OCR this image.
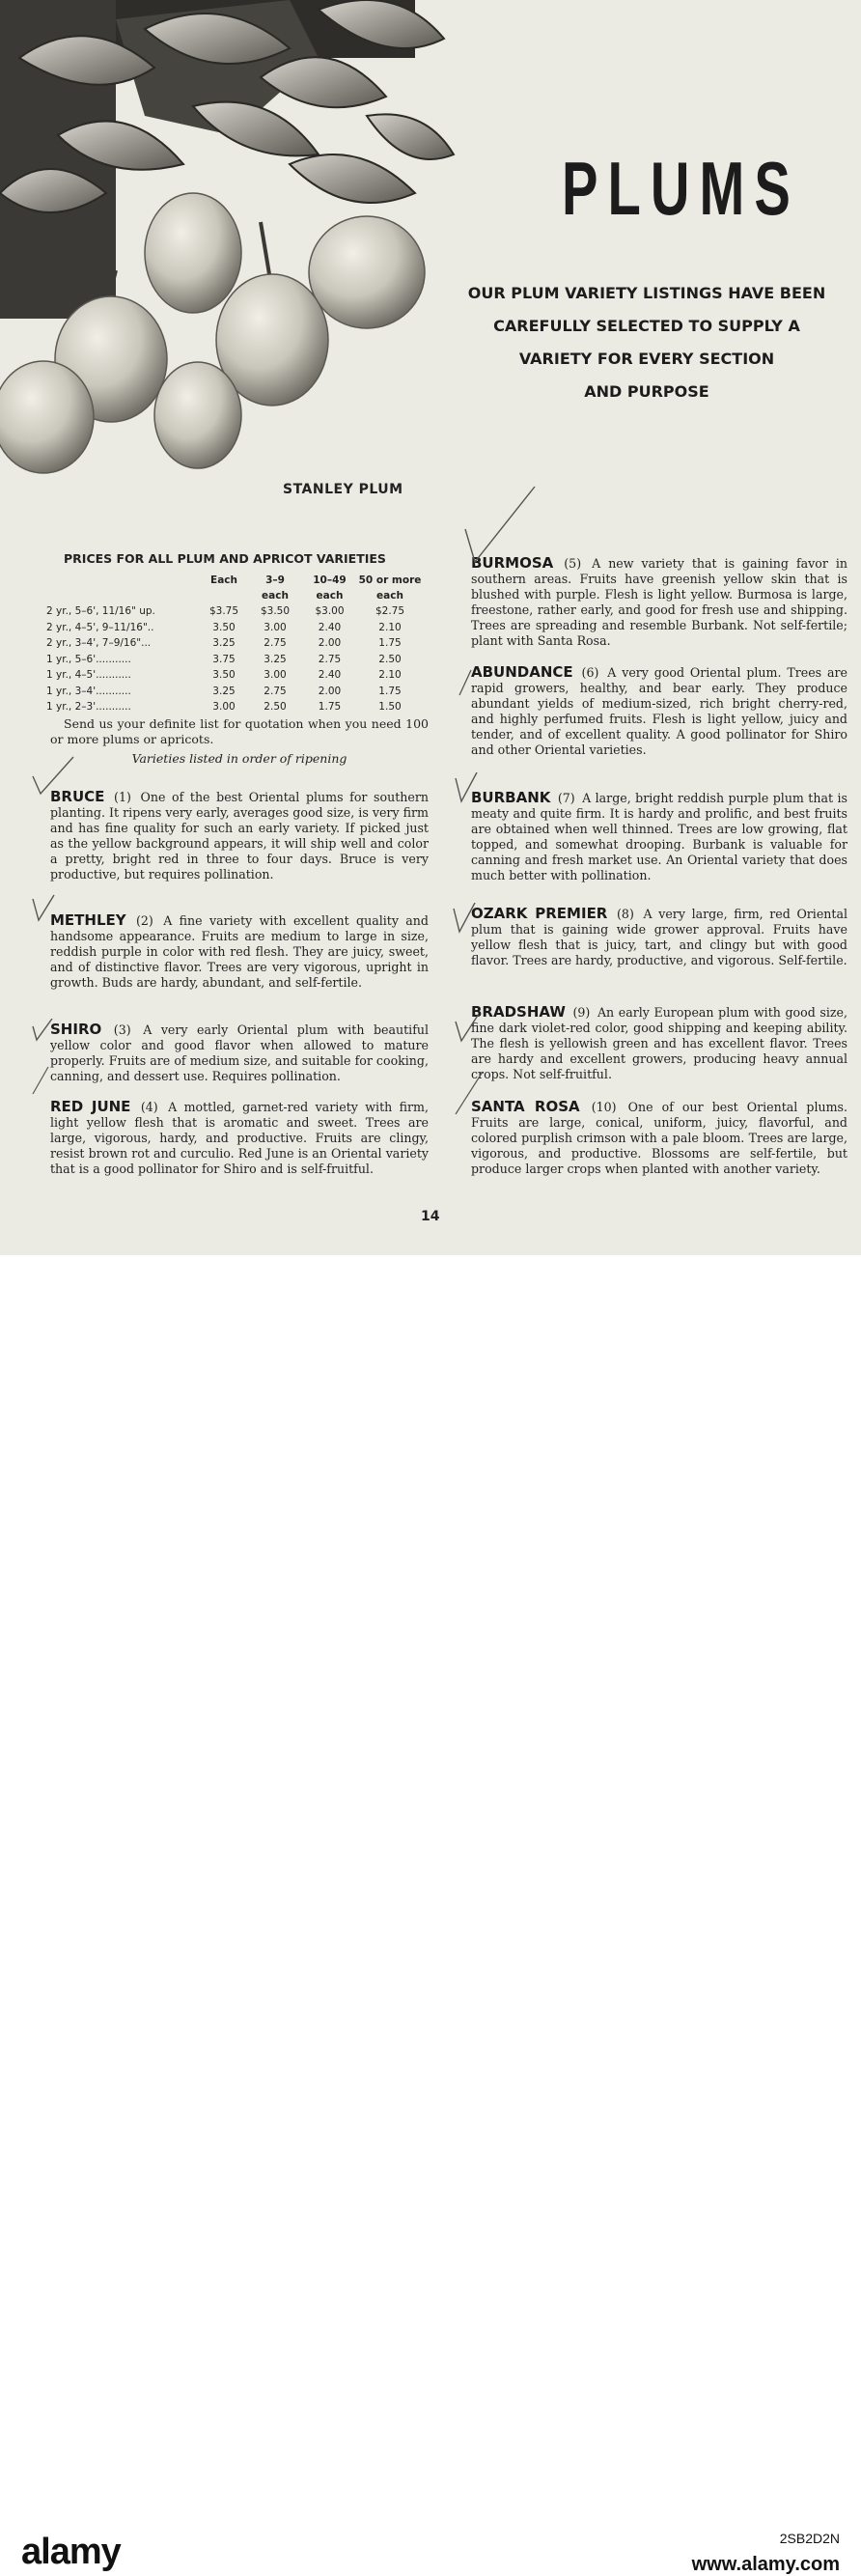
PLUMS
OUR PLUM VARIETY LISTINGS HAVE BEEN
CAREFULLY SELECTED TO SUPPLY A
VARIETY FOR EVERY SECTION
AND PURPOSE
STANLEY PLUM
PRICES FOR ALL PLUM AND APRICOT VARIETIES
	Each	3–9	10–49	50 or more
		each	each	each
2 yr., 5–6', 11/16" up.	$3.75	$3.50	$3.00	$2.75
2 yr., 4–5', 9–11/16"..	3.50	3.00	2.40	2.10
2 yr., 3–4', 7–9/16"...	3.25	2.75	2.00	1.75
1 yr., 5–6'...........	3.75	3.25	2.75	2.50
1 yr., 4–5'...........	3.50	3.00	2.40	2.10
1 yr., 3–4'...........	3.25	2.75	2.00	1.75
1 yr., 2–3'...........	3.00	2.50	1.75	1.50
Send us your definite list for quotation when you need 100 or more plums or apricots.
Varieties listed in order of ripening
BRUCE (1) One of the best Oriental plums for southern planting. It ripens very early, averages good size, is very firm and has fine quality for such an early variety. If picked just as the yellow background appears, it will ship well and color a pretty, bright red in three to four days. Bruce is very productive, but requires pollination.
METHLEY (2) A fine variety with excellent quality and handsome appearance. Fruits are medium to large in size, reddish purple in color with red flesh. They are juicy, sweet, and of distinctive flavor. Trees are very vigorous, upright in growth. Buds are hardy, abundant, and self-fertile.
SHIRO (3) A very early Oriental plum with beautiful yellow color and good flavor when allowed to mature properly. Fruits are of medium size, and suitable for cooking, canning, and dessert use. Requires pollination.
RED JUNE (4) A mottled, garnet-red variety with firm, light yellow flesh that is aromatic and sweet. Trees are large, vigorous, hardy, and productive. Fruits are clingy, resist brown rot and curculio. Red June is an Oriental variety that is a good pollinator for Shiro and is self-fruitful.
BURMOSA (5) A new variety that is gaining favor in southern areas. Fruits have greenish yellow skin that is blushed with purple. Flesh is light yellow. Burmosa is large, freestone, rather early, and good for fresh use and shipping. Trees are spreading and resemble Burbank. Not self-fertile; plant with Santa Rosa.
ABUNDANCE (6) A very good Oriental plum. Trees are rapid growers, healthy, and bear early. They produce abundant yields of medium-sized, rich bright cherry-red, and highly perfumed fruits. Flesh is light yellow, juicy and tender, and of excellent quality. A good pollinator for Shiro and other Oriental varieties.
BURBANK (7) A large, bright reddish purple plum that is meaty and quite firm. It is hardy and prolific, and best fruits are obtained when well thinned. Trees are low growing, flat topped, and somewhat drooping. Burbank is valuable for canning and fresh market use. An Oriental variety that does much better with pollination.
OZARK PREMIER (8) A very large, firm, red Oriental plum that is gaining wide grower approval. Fruits have yellow flesh that is juicy, tart, and clingy but with good flavor. Trees are hardy, productive, and vigorous. Self-fertile.
BRADSHAW (9) An early European plum with good size, fine dark violet-red color, good shipping and keeping ability. The flesh is yellowish green and has excellent flavor. Trees are hardy and excellent growers, producing heavy annual crops. Not self-fruitful.
SANTA ROSA (10) One of our best Oriental plums. Fruits are large, conical, uniform, juicy, flavorful, and colored purplish crimson with a pale bloom. Trees are large, vigorous, and productive. Blossoms are self-fertile, but produce larger crops when planted with another variety.
14
alamy	2SB2D2N
www.alamy.com
